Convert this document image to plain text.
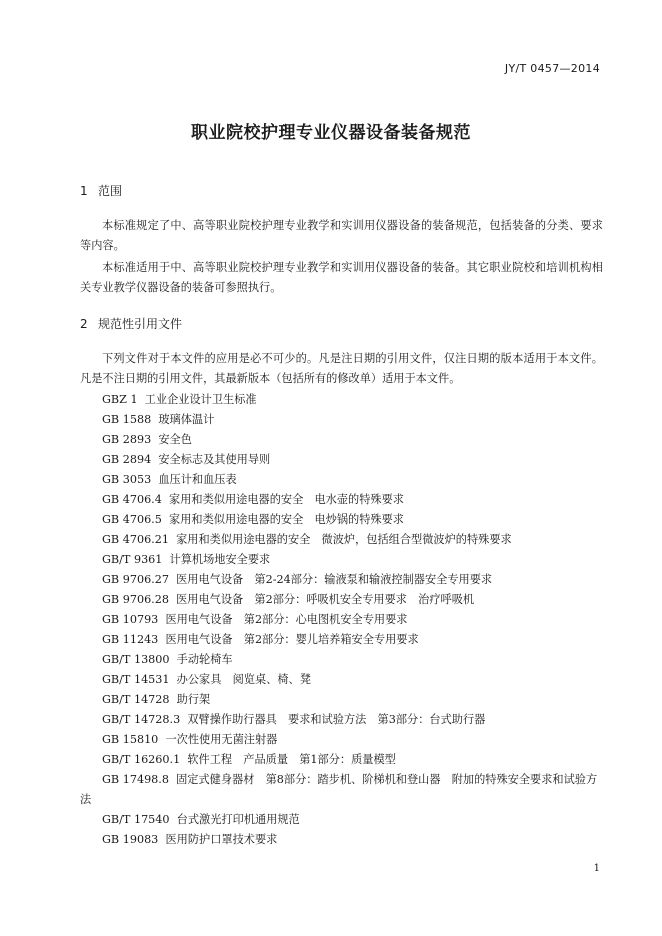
JY/T 0457—2014
职业院校护理专业仪器设备装备规范
1 范围

本标准规定了中、高等职业院校护理专业教学和实训用仪器设备的装备规范，包括装备的分类、要求等内容。

本标准适用于中、高等职业院校护理专业教学和实训用仪器设备的装备。其它职业院校和培训机构相关专业教学仪器设备的装备可参照执行。

2 规范性引用文件

下列文件对于本文件的应用是必不可少的。凡是注日期的引用文件，仅注日期的版本适用于本文件。凡是不注日期的引用文件，其最新版本（包括所有的修改单）适用于本文件。

GBZ 1 工业企业设计卫生标准
GB 1588 玻璃体温计
GB 2893 安全色
GB 2894 安全标志及其使用导则
GB 3053 血压计和血压表
GB 4706.4 家用和类似用途电器的安全　电水壶的特殊要求
GB 4706.5 家用和类似用途电器的安全　电炒锅的特殊要求
GB 4706.21 家用和类似用途电器的安全　微波炉，包括组合型微波炉的特殊要求
GB/T 9361 计算机场地安全要求
GB 9706.27 医用电气设备　第2-24部分：输液泵和输液控制器安全专用要求
GB 9706.28 医用电气设备　第2部分：呼吸机安全专用要求　治疗呼吸机
GB 10793 医用电气设备　第2部分：心电图机安全专用要求
GB 11243 医用电气设备　第2部分：婴儿培养箱安全专用要求
GB/T 13800 手动轮椅车
GB/T 14531 办公家具　阅览桌、椅、凳
GB/T 14728 助行架
GB/T 14728.3 双臂操作助行器具　要求和试验方法　第3部分：台式助行器
GB 15810 一次性使用无菌注射器
GB/T 16260.1 软件工程　产品质量　第1部分：质量模型
GB 17498.8 固定式健身器材　第8部分：踏步机、阶梯机和登山器　附加的特殊安全要求和试验方法
GB/T 17540 台式激光打印机通用规范
GB 19083 医用防护口罩技术要求
1
